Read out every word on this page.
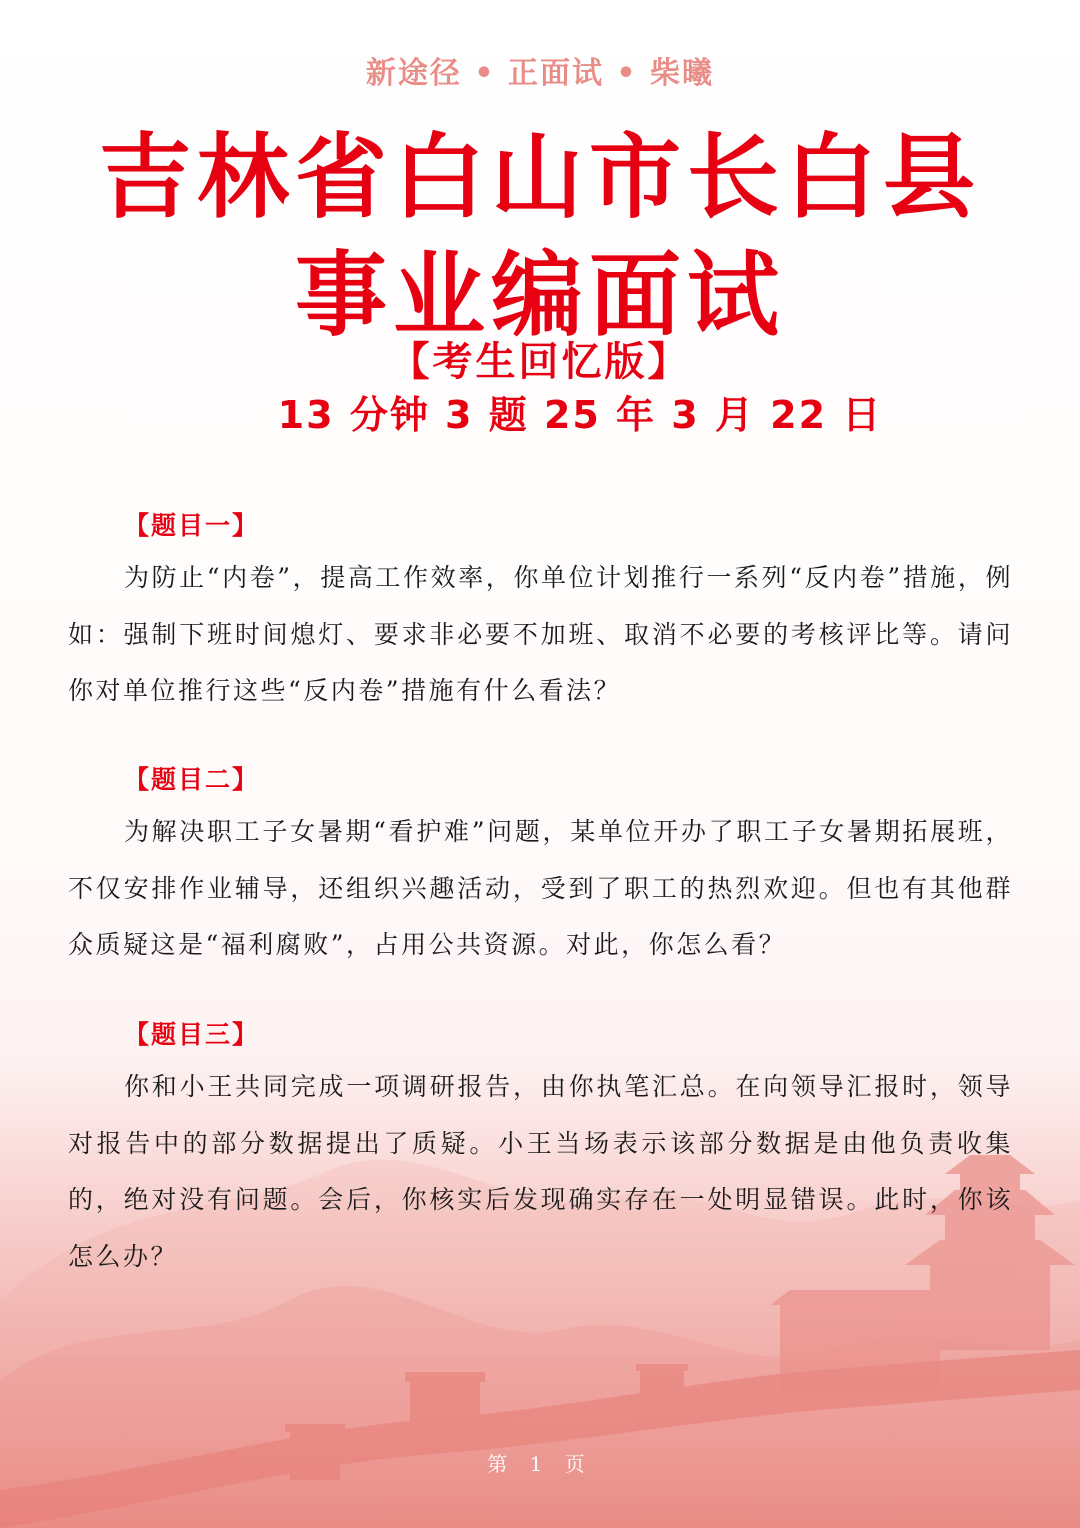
新途径 • 正面试 • 柴曦
吉林省白山市长白县
事业编面试
【考生回忆版】
13 分钟 3 题 25 年 3 月 22 日
【题目一】
为防止“内卷”，提高工作效率，你单位计划推行一系列“反内卷”措施，例如：强制下班时间熄灯、要求非必要不加班、取消不必要的考核评比等。请问你对单位推行这些“反内卷”措施有什么看法？
【题目二】
为解决职工子女暑期“看护难”问题，某单位开办了职工子女暑期拓展班，不仅安排作业辅导，还组织兴趣活动，受到了职工的热烈欢迎。但也有其他群众质疑这是“福利腐败”，占用公共资源。对此，你怎么看？
【题目三】
你和小王共同完成一项调研报告，由你执笔汇总。在向领导汇报时，领导对报告中的部分数据提出了质疑。小王当场表示该部分数据是由他负责收集的，绝对没有问题。会后，你核实后发现确实存在一处明显错误。此时，你该怎么办？
第 1 页
